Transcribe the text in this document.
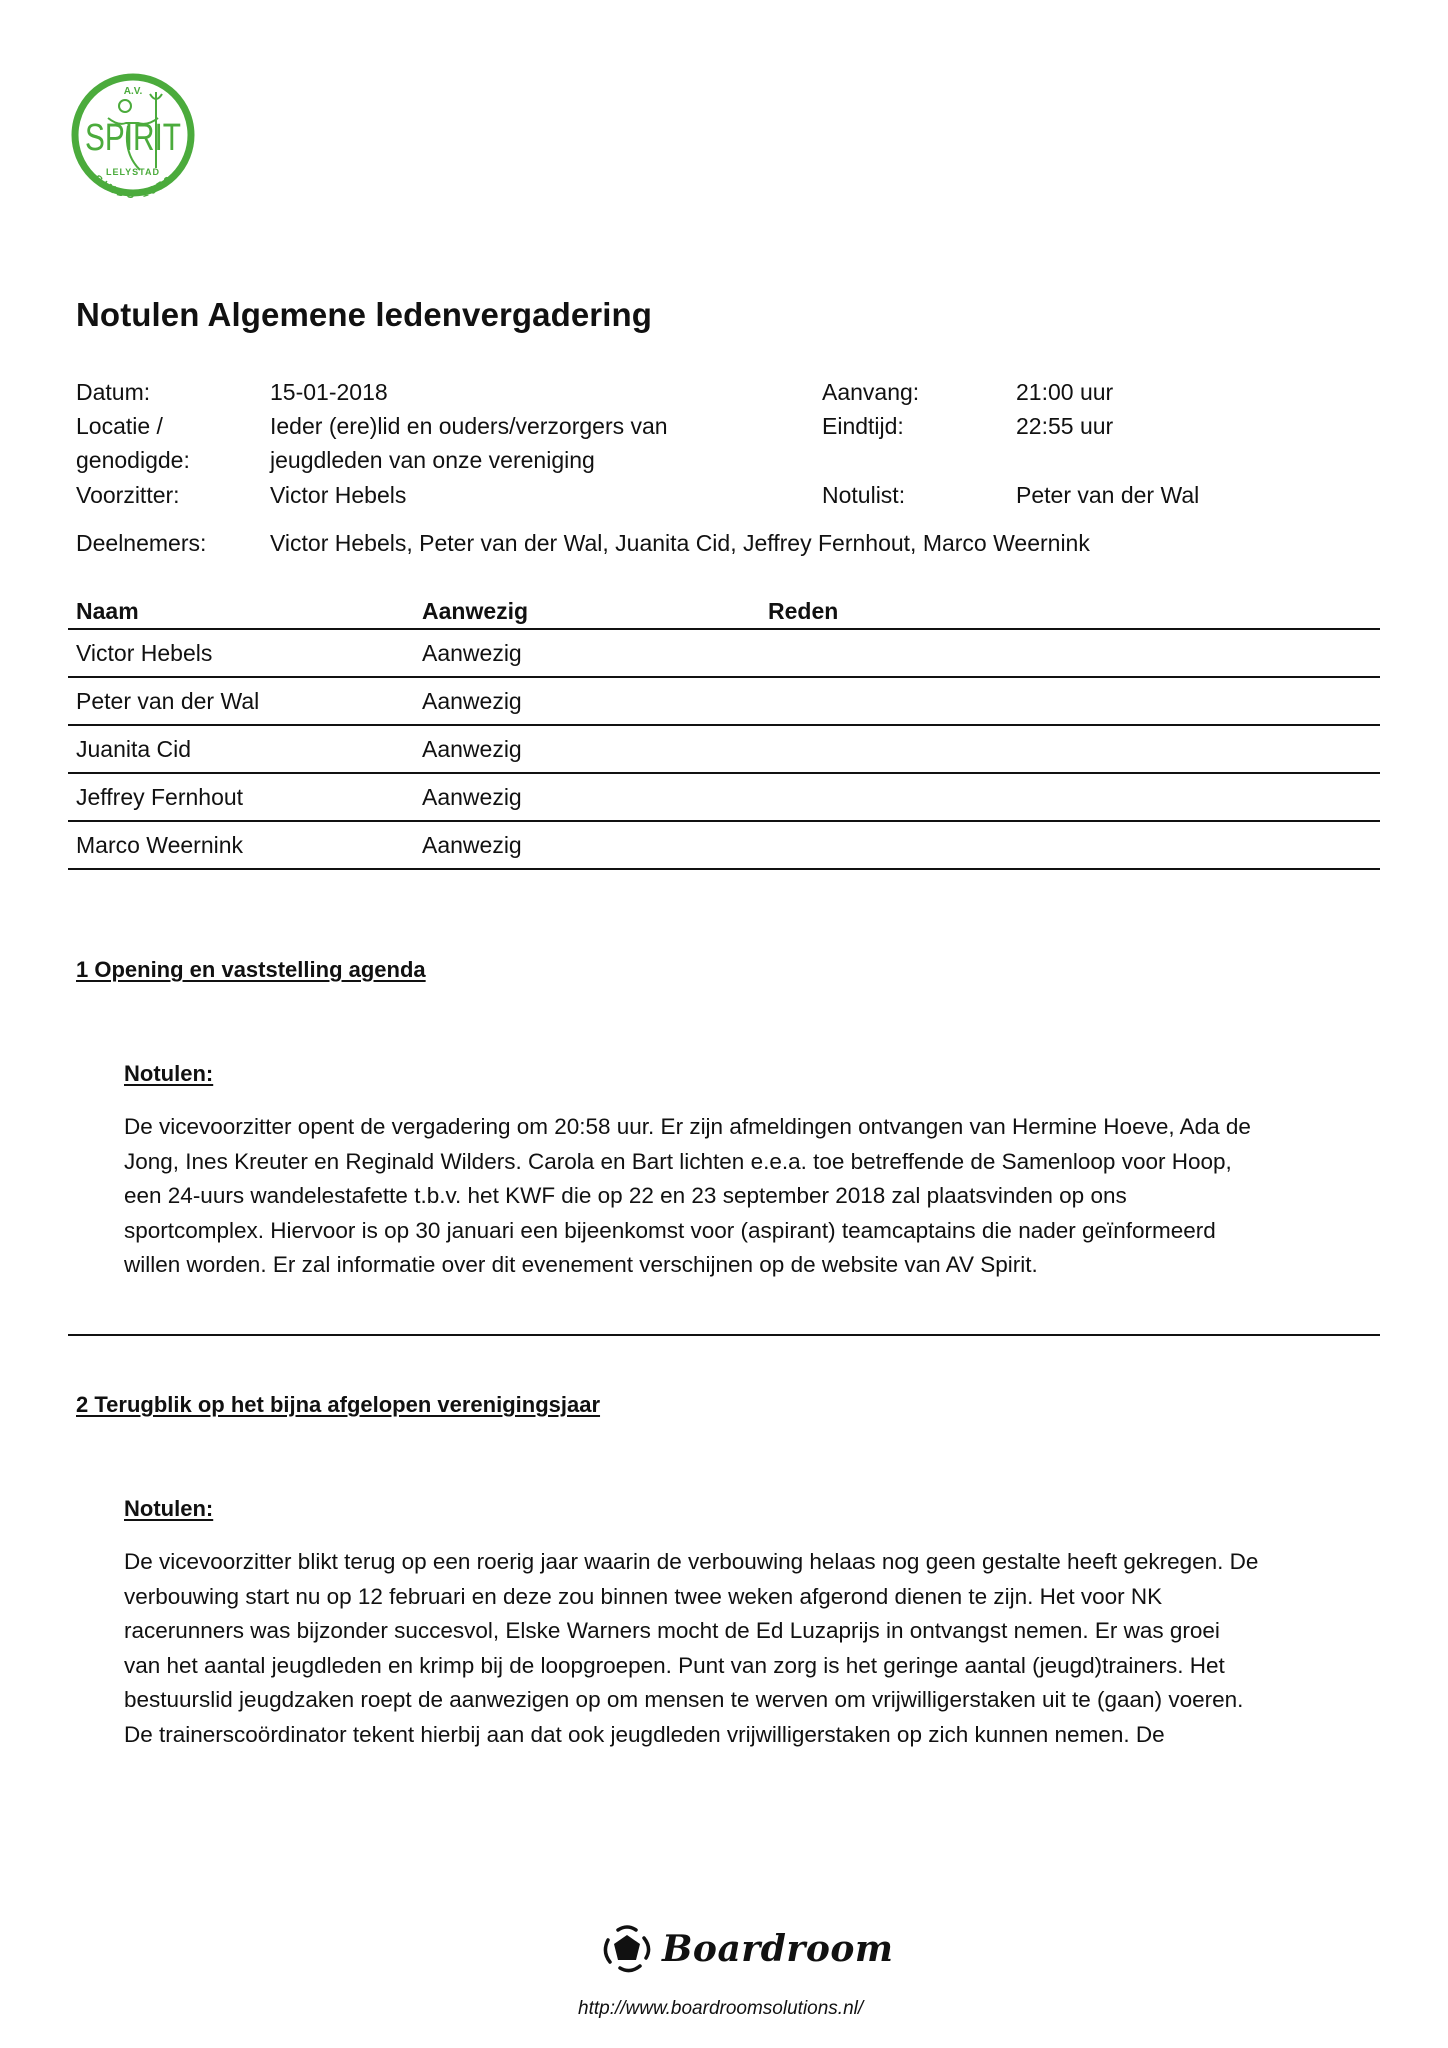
A.V.
SPIRIT
LELYSTAD
SINDS 1972
Notulen Algemene ledenvergadering
Datum:	15-01-2018	Aanvang:	21:00 uur
Locatie /	Ieder (ere)lid en ouders/verzorgers van	Eindtijd:	22:55 uur
genodigde:	jeugdleden van onze vereniging
Voorzitter:	Victor Hebels	Notulist:	Peter van der Wal
Deelnemers:	Victor Hebels, Peter van der Wal, Juanita Cid, Jeffrey Fernhout, Marco Weernink
Naam	Aanwezig	Reden
Victor Hebels	Aanwezig
Peter van der Wal	Aanwezig
Juanita Cid	Aanwezig
Jeffrey Fernhout	Aanwezig
Marco Weernink	Aanwezig
1 Opening en vaststelling agenda
Notulen:
De vicevoorzitter opent de vergadering om 20:58 uur. Er zijn afmeldingen ontvangen van Hermine Hoeve, Ada de
Jong, Ines Kreuter en Reginald Wilders. Carola en Bart lichten e.e.a. toe betreffende de Samenloop voor Hoop,
een 24-uurs wandelestafette t.b.v. het KWF die op 22 en 23 september 2018 zal plaatsvinden op ons
sportcomplex. Hiervoor is op 30 januari een bijeenkomst voor (aspirant) teamcaptains die nader geïnformeerd
willen worden. Er zal informatie over dit evenement verschijnen op de website van AV Spirit.
2 Terugblik op het bijna afgelopen verenigingsjaar
Notulen:
De vicevoorzitter blikt terug op een roerig jaar waarin de verbouwing helaas nog geen gestalte heeft gekregen. De
verbouwing start nu op 12 februari en deze zou binnen twee weken afgerond dienen te zijn. Het voor NK
racerunners was bijzonder succesvol, Elske Warners mocht de Ed Luzaprijs in ontvangst nemen. Er was groei
van het aantal jeugdleden en krimp bij de loopgroepen. Punt van zorg is het geringe aantal (jeugd)trainers. Het
bestuurslid jeugdzaken roept de aanwezigen op om mensen te werven om vrijwilligerstaken uit te (gaan) voeren.
De trainerscoördinator tekent hierbij aan dat ook jeugdleden vrijwilligerstaken op zich kunnen nemen. De
Boardroom
http://www.boardroomsolutions.nl/
